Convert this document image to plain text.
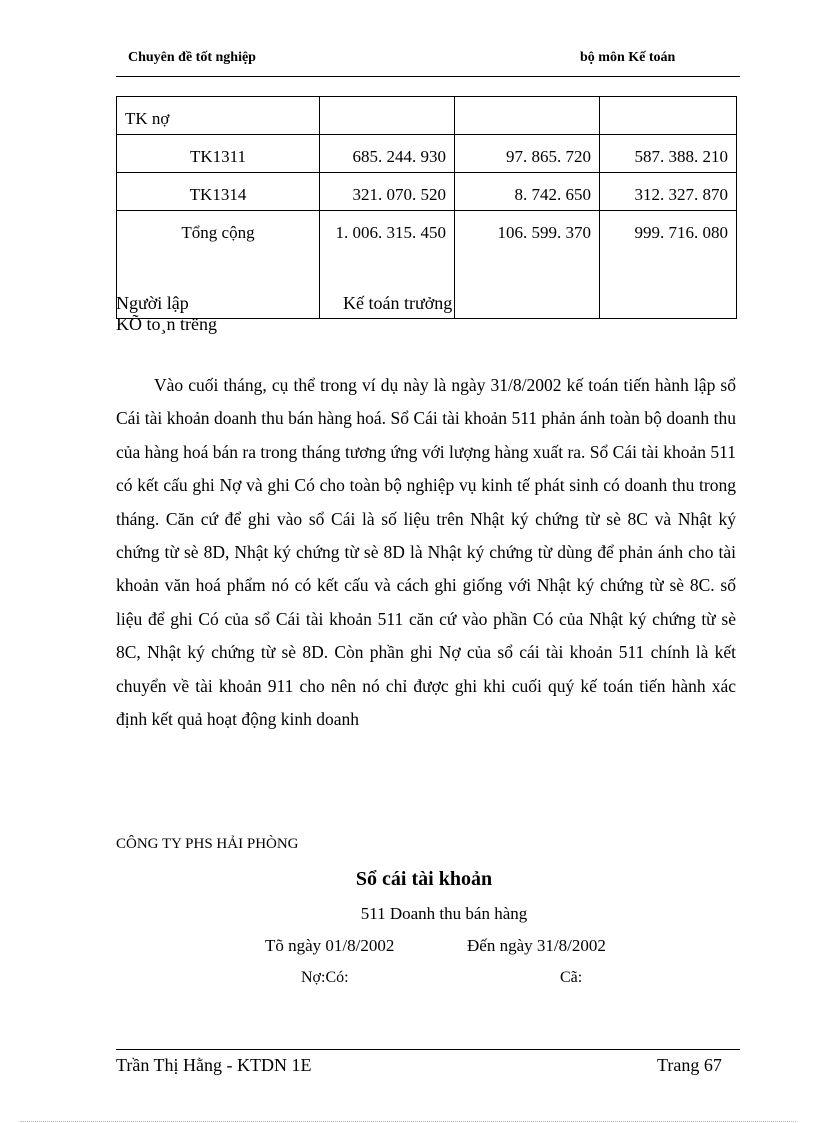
Chuyên đề tốt nghiệp	bộ môn Kế toán
TK nợ			

TK1311	685. 244. 930	97. 865. 720	587. 388. 210

TK1314	321. 070. 520	8. 742. 650	312. 327. 870

Tổng cộng	1. 006. 315. 450	106. 599. 370	999. 716. 080
Người lập	Kế toán trưởng
KÕ to¸n trëng
Vào cuối tháng, cụ thể trong ví dụ này là ngày 31/8/2002 kế toán tiến hành lập sổ Cái tài khoản doanh thu bán hàng hoá. Sổ Cái tài khoản 511 phản ánh toàn bộ doanh thu của hàng hoá bán ra trong tháng tương ứng với lượng hàng xuất ra. Sổ Cái tài khoản 511 có kết cấu ghi Nợ và ghi Có cho toàn bộ nghiệp vụ kinh tế phát sinh có doanh thu trong tháng. Căn cứ để ghi vào sổ Cái là số liệu trên Nhật ký chứng từ sè 8C và Nhật ký chứng từ sè 8D, Nhật ký chứng từ sè 8D là Nhật ký chứng từ dùng để phản ánh cho tài khoản văn hoá phẩm nó có kết cấu và cách ghi giống với Nhật ký chứng từ sè 8C. số liệu để ghi Có của sổ Cái tài khoản 511 căn cứ vào phần Có của Nhật ký chứng từ sè 8C, Nhật ký chứng từ sè 8D. Còn phần ghi Nợ của sổ cái tài khoản 511 chính là kết chuyển về tài khoản 911 cho nên nó chỉ được ghi khi cuối quý kế toán tiến hành xác định kết quả hoạt động kinh doanh
CÔNG TY PHS HẢI PHÒNG
Sổ cái tài khoản
511 Doanh thu bán hàng
Tõ ngày 01/8/2002	Đến ngày 31/8/2002
Nợ:Có:	Cã:
Trần Thị Hằng - KTDN 1E	Trang 67
